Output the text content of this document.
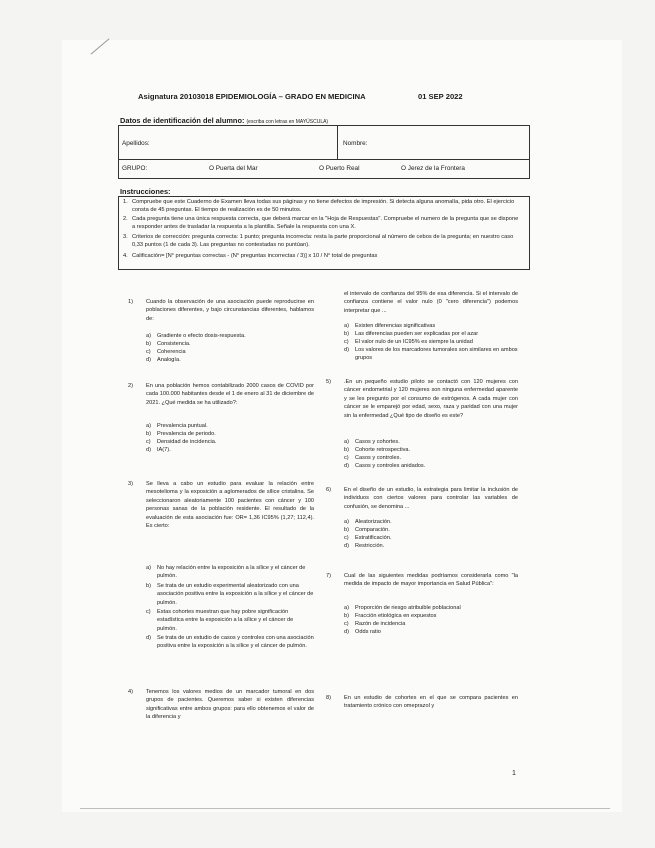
Asignatura 20103018 EPIDEMIOLOGÍA – GRADO EN MEDICINA	01 SEP 2022
Datos de identificación del alumno: (escriba con letras en MAYÚSCULA)
Apellidos:	Nombre:
GRUPO:	O Puerta del Mar	O Puerto Real	O Jerez de la Frontera
Instrucciones:
1. Compruebe que este Cuaderno de Examen lleva todas sus páginas y no tiene defectos de impresión. Si detecta alguna anomalía, pida otro. El ejercicio consta de 45 preguntas. El tiempo de realización es de 50 minutos.
2. Cada pregunta tiene una única respuesta correcta, que deberá marcar en la "Hoja de Respuestas". Compruebe el numero de la pregunta que se dispone a responder antes de trasladar la respuesta a la plantilla. Señale la respuesta con una X.
3. Criterios de corrección: pregunta correcta: 1 punto; pregunta incorrecta: resta la parte proporcional al número de cebos de la pregunta; en nuestro caso 0,33 puntos (1 de cada 3). Las preguntas no contestadas no puntúan).
4. Calificación= [N° preguntas correctas - (N° preguntas incorrectas / 3)] x 10 / N° total de preguntas
1) Cuando la observación de una asociación puede reproducirse en poblaciones diferentes, y bajo circunstancias diferentes, hablamos de:
a) Gradiente o efecto dosis-respuesta.
b) Consistencia.
c) Coherencia
d) Analogía.
2) En una población hemos contabilizado 2000 casos de COVID por cada 100.000 habitantes desde el 1 de enero al 31 de diciembre de 2021. ¿Qué medida se ha utilizado?:
a) Prevalencia puntual.
b) Prevalencia de periodo.
c) Densidad de incidencia.
d) IA(7).
3) Se lleva a cabo un estudio para evaluar la relación entre mesotelioma y la exposición a aglomerados de sílice cristalina. Se seleccionaron aleatoriamente 100 pacientes con cáncer y 100 personas sanas de la población residente. El resultado de la evaluación de esta asociación fue: OR= 1,36 IC95% (1,27; 112,4). Es cierto:
a) No hay relación entre la exposición a la sílice y el cáncer de pulmón.
b) Se trata de un estudio experimental aleatorizado con una asociación positiva entre la exposición a la sílice y el cáncer de pulmón.
c) Estas cohortes muestran que hay pobre significación estadística entre la exposición a la sílice y el cáncer de pulmón.
d) Se trata de un estudio de casos y controles con una asociación positiva entre la exposición a la sílice y el cáncer de pulmón.
4) Tenemos los valores medios de un marcador tumoral en dos grupos de pacientes. Queremos saber si existen diferencias significativas entre ambos grupos: para ello obtenemos el valor de la diferencia y
el intervalo de confianza del 95% de esa diferencia. Si el intervalo de confianza contiene el valor nulo (0 "cero diferencia") podemos interpretar que ...
a) Existen diferencias significativas
b) Las diferencias pueden ser explicadas por el azar
c) El valor nulo de un IC95% es siempre la unidad
d) Los valores de los marcadores tumorales son similares en ambos grupos
5) .En un pequeño estudio piloto se contactó con 120 mujeres con cáncer endometrial y 120 mujeres son ninguna enfermedad aparente y se les pregunto por el consumo de estrógenos. A cada mujer con cáncer se le emparejó por edad, sexo, raza y paridad con una mujer sin la enfermedad ¿Qué tipo de diseño es este?
a) Casos y cohortes.
b) Cohorte retrospectiva.
c) Casos y controles.
d) Casos y controles anidados.
6) En el diseño de un estudio, la estrategia para limitar la inclusión de individuos con ciertos valores para controlar las variables de confusión, se denomina ...
a) Aleatorización.
b) Comparación.
c) Estratificación.
d) Restricción.
7) Cual de las siguientes medidas podríamos considerarla como "la medida de impacto de mayor importancia en Salud Pública":
a) Proporción de riesgo atribuible poblacional
b) Fracción etiológica en expuestos
c) Razón de incidencia
d) Odds ratio
8) En un estudio de cohortes en el que se compara pacientes en tratamiento crónico con omeprazol y
1
